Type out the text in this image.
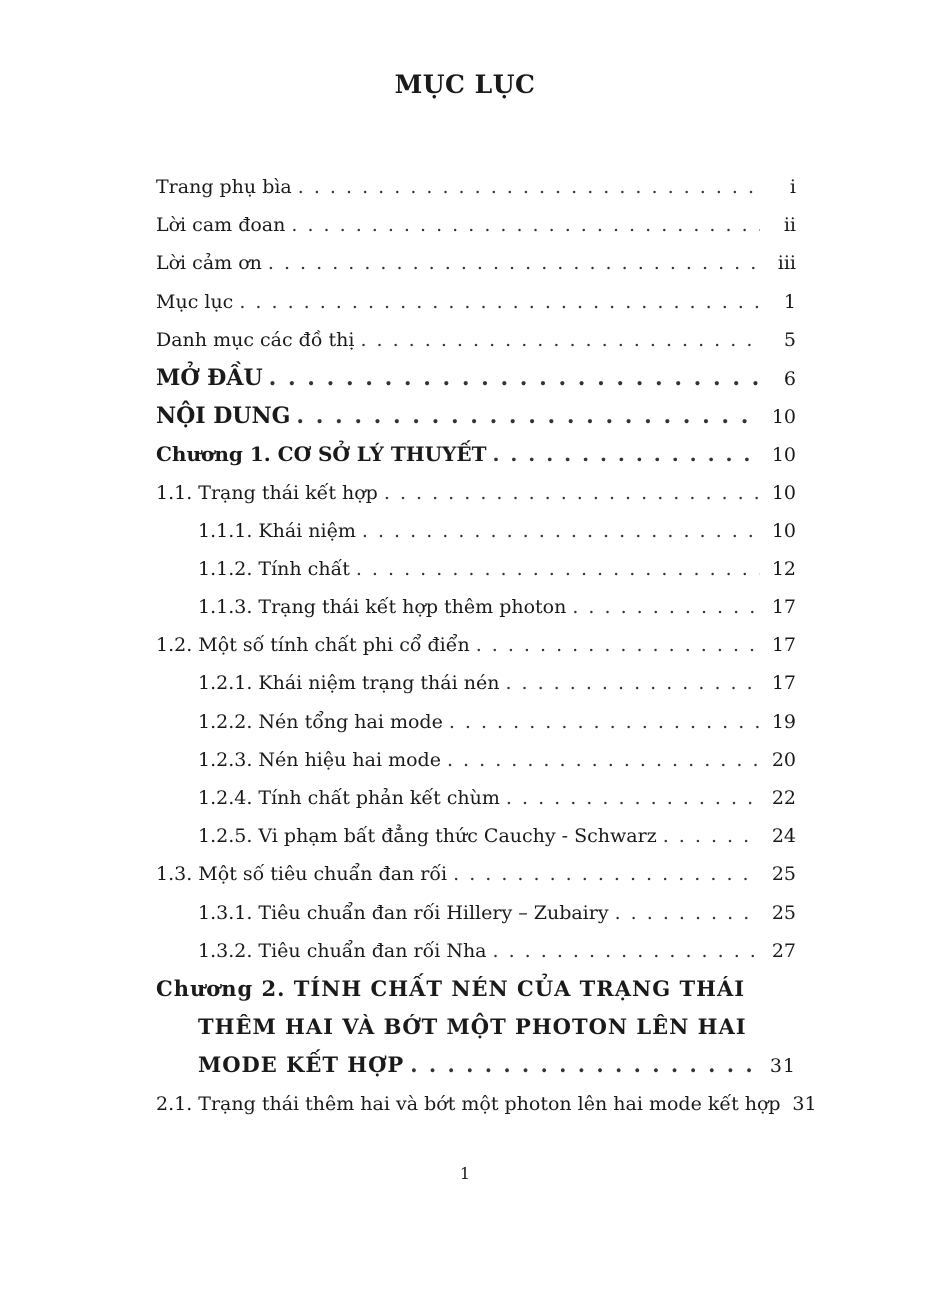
MỤC LỤC
Trang phụ bìa . . .	i
Lời cam đoan . . .	ii
Lời cảm ơn . . .	iii
Mục lục . . .	1
Danh mục các đồ thị . . .	5
MỞ ĐẦU . . .	6
NỘI DUNG . . .	10
Chương 1. CƠ SỞ LÝ THUYẾT . . .	10
1.1. Trạng thái kết hợp . . .	10
1.1.1. Khái niệm . . .	10
1.1.2. Tính chất . . .	12
1.1.3. Trạng thái kết hợp thêm photon . . .	17
1.2. Một số tính chất phi cổ điển . . .	17
1.2.1. Khái niệm trạng thái nén . . .	17
1.2.2. Nén tổng hai mode . . .	19
1.2.3. Nén hiệu hai mode . . .	20
1.2.4. Tính chất phản kết chùm . . .	22
1.2.5. Vi phạm bất đẳng thức Cauchy - Schwarz . . .	24
1.3. Một số tiêu chuẩn đan rối . . .	25
1.3.1. Tiêu chuẩn đan rối Hillery – Zubairy . . .	25
1.3.2. Tiêu chuẩn đan rối Nha . . .	27
Chương 2. TÍNH CHẤT NÉN CỦA TRẠNG THÁI
THÊM HAI VÀ BỚT MỘT PHOTON LÊN HAI
MODE KẾT HỢP . . .	31
2.1. Trạng thái thêm hai và bớt một photon lên hai mode kết hợp 31
1
